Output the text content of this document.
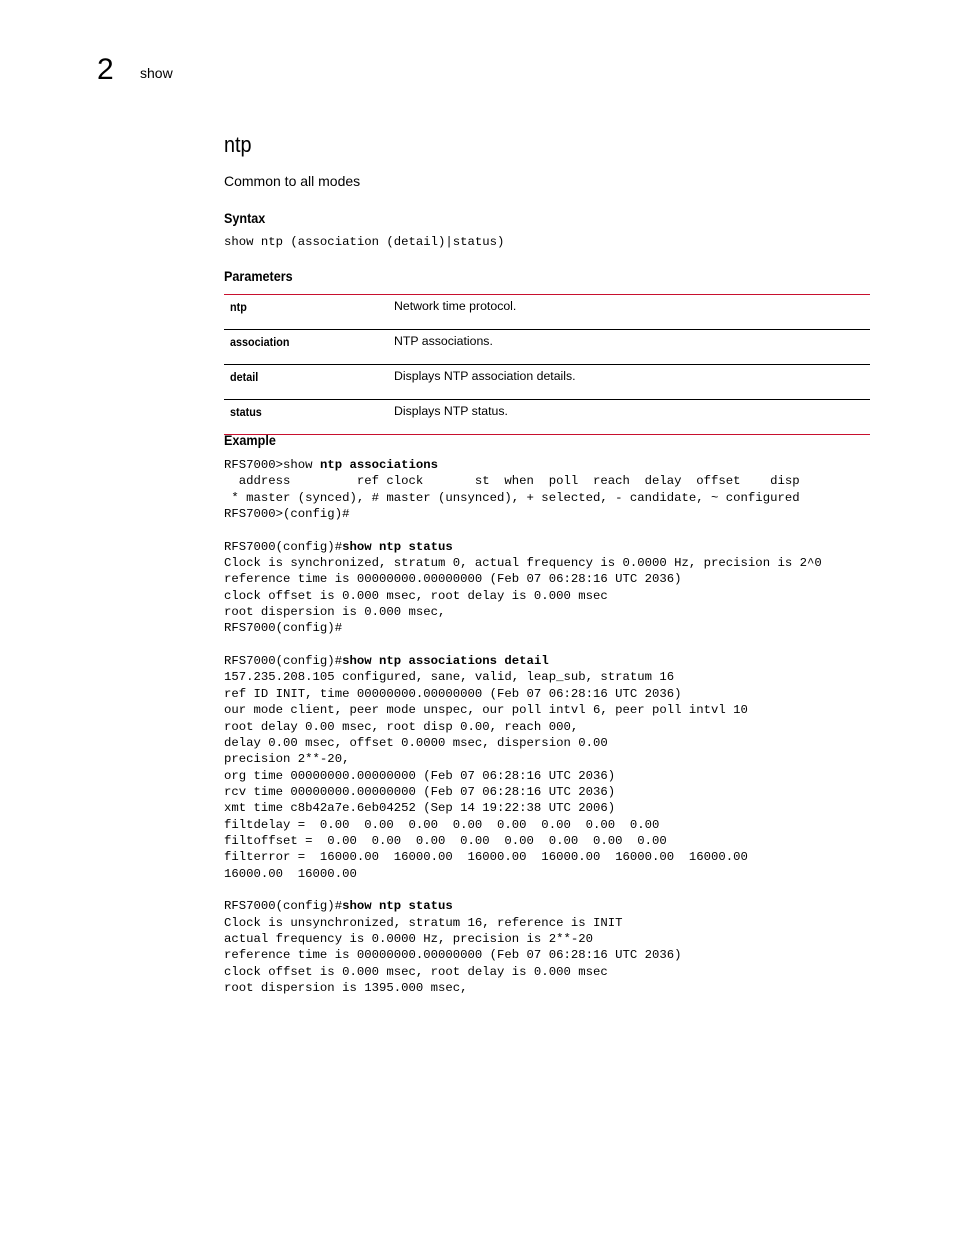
2 show
ntp
Common to all modes
Syntax
show ntp (association (detail)|status)
Parameters
ntp	Network time protocol.
association	NTP associations.
detail	Displays NTP association details.
status	Displays NTP status.
Example
RFS7000>show ntp associations
address         ref clock       st  when  poll  reach  delay  offset    disp
* master (synced), # master (unsynced), + selected, - candidate, ~ configured
RFS7000>(config)#

RFS7000(config)#show ntp status
Clock is synchronized, stratum 0, actual frequency is 0.0000 Hz, precision is 2^0
reference time is 00000000.00000000 (Feb 07 06:28:16 UTC 2036)
clock offset is 0.000 msec, root delay is 0.000 msec
root dispersion is 0.000 msec,
RFS7000(config)#

RFS7000(config)#show ntp associations detail
157.235.208.105 configured, sane, valid, leap_sub, stratum 16
ref ID INIT, time 00000000.00000000 (Feb 07 06:28:16 UTC 2036)
our mode client, peer mode unspec, our poll intvl 6, peer poll intvl 10
root delay 0.00 msec, root disp 0.00, reach 000,
delay 0.00 msec, offset 0.0000 msec, dispersion 0.00
precision 2**-20,
org time 00000000.00000000 (Feb 07 06:28:16 UTC 2036)
rcv time 00000000.00000000 (Feb 07 06:28:16 UTC 2036)
xmt time c8b42a7e.6eb04252 (Sep 14 19:22:38 UTC 2006)
filtdelay =  0.00  0.00  0.00  0.00  0.00  0.00  0.00  0.00
filtoffset =  0.00  0.00  0.00  0.00  0.00  0.00  0.00  0.00
filterror =  16000.00  16000.00  16000.00  16000.00  16000.00  16000.00
16000.00  16000.00

RFS7000(config)#show ntp status
Clock is unsynchronized, stratum 16, reference is INIT
actual frequency is 0.0000 Hz, precision is 2**-20
reference time is 00000000.00000000 (Feb 07 06:28:16 UTC 2036)
clock offset is 0.000 msec, root delay is 0.000 msec
root dispersion is 1395.000 msec,
